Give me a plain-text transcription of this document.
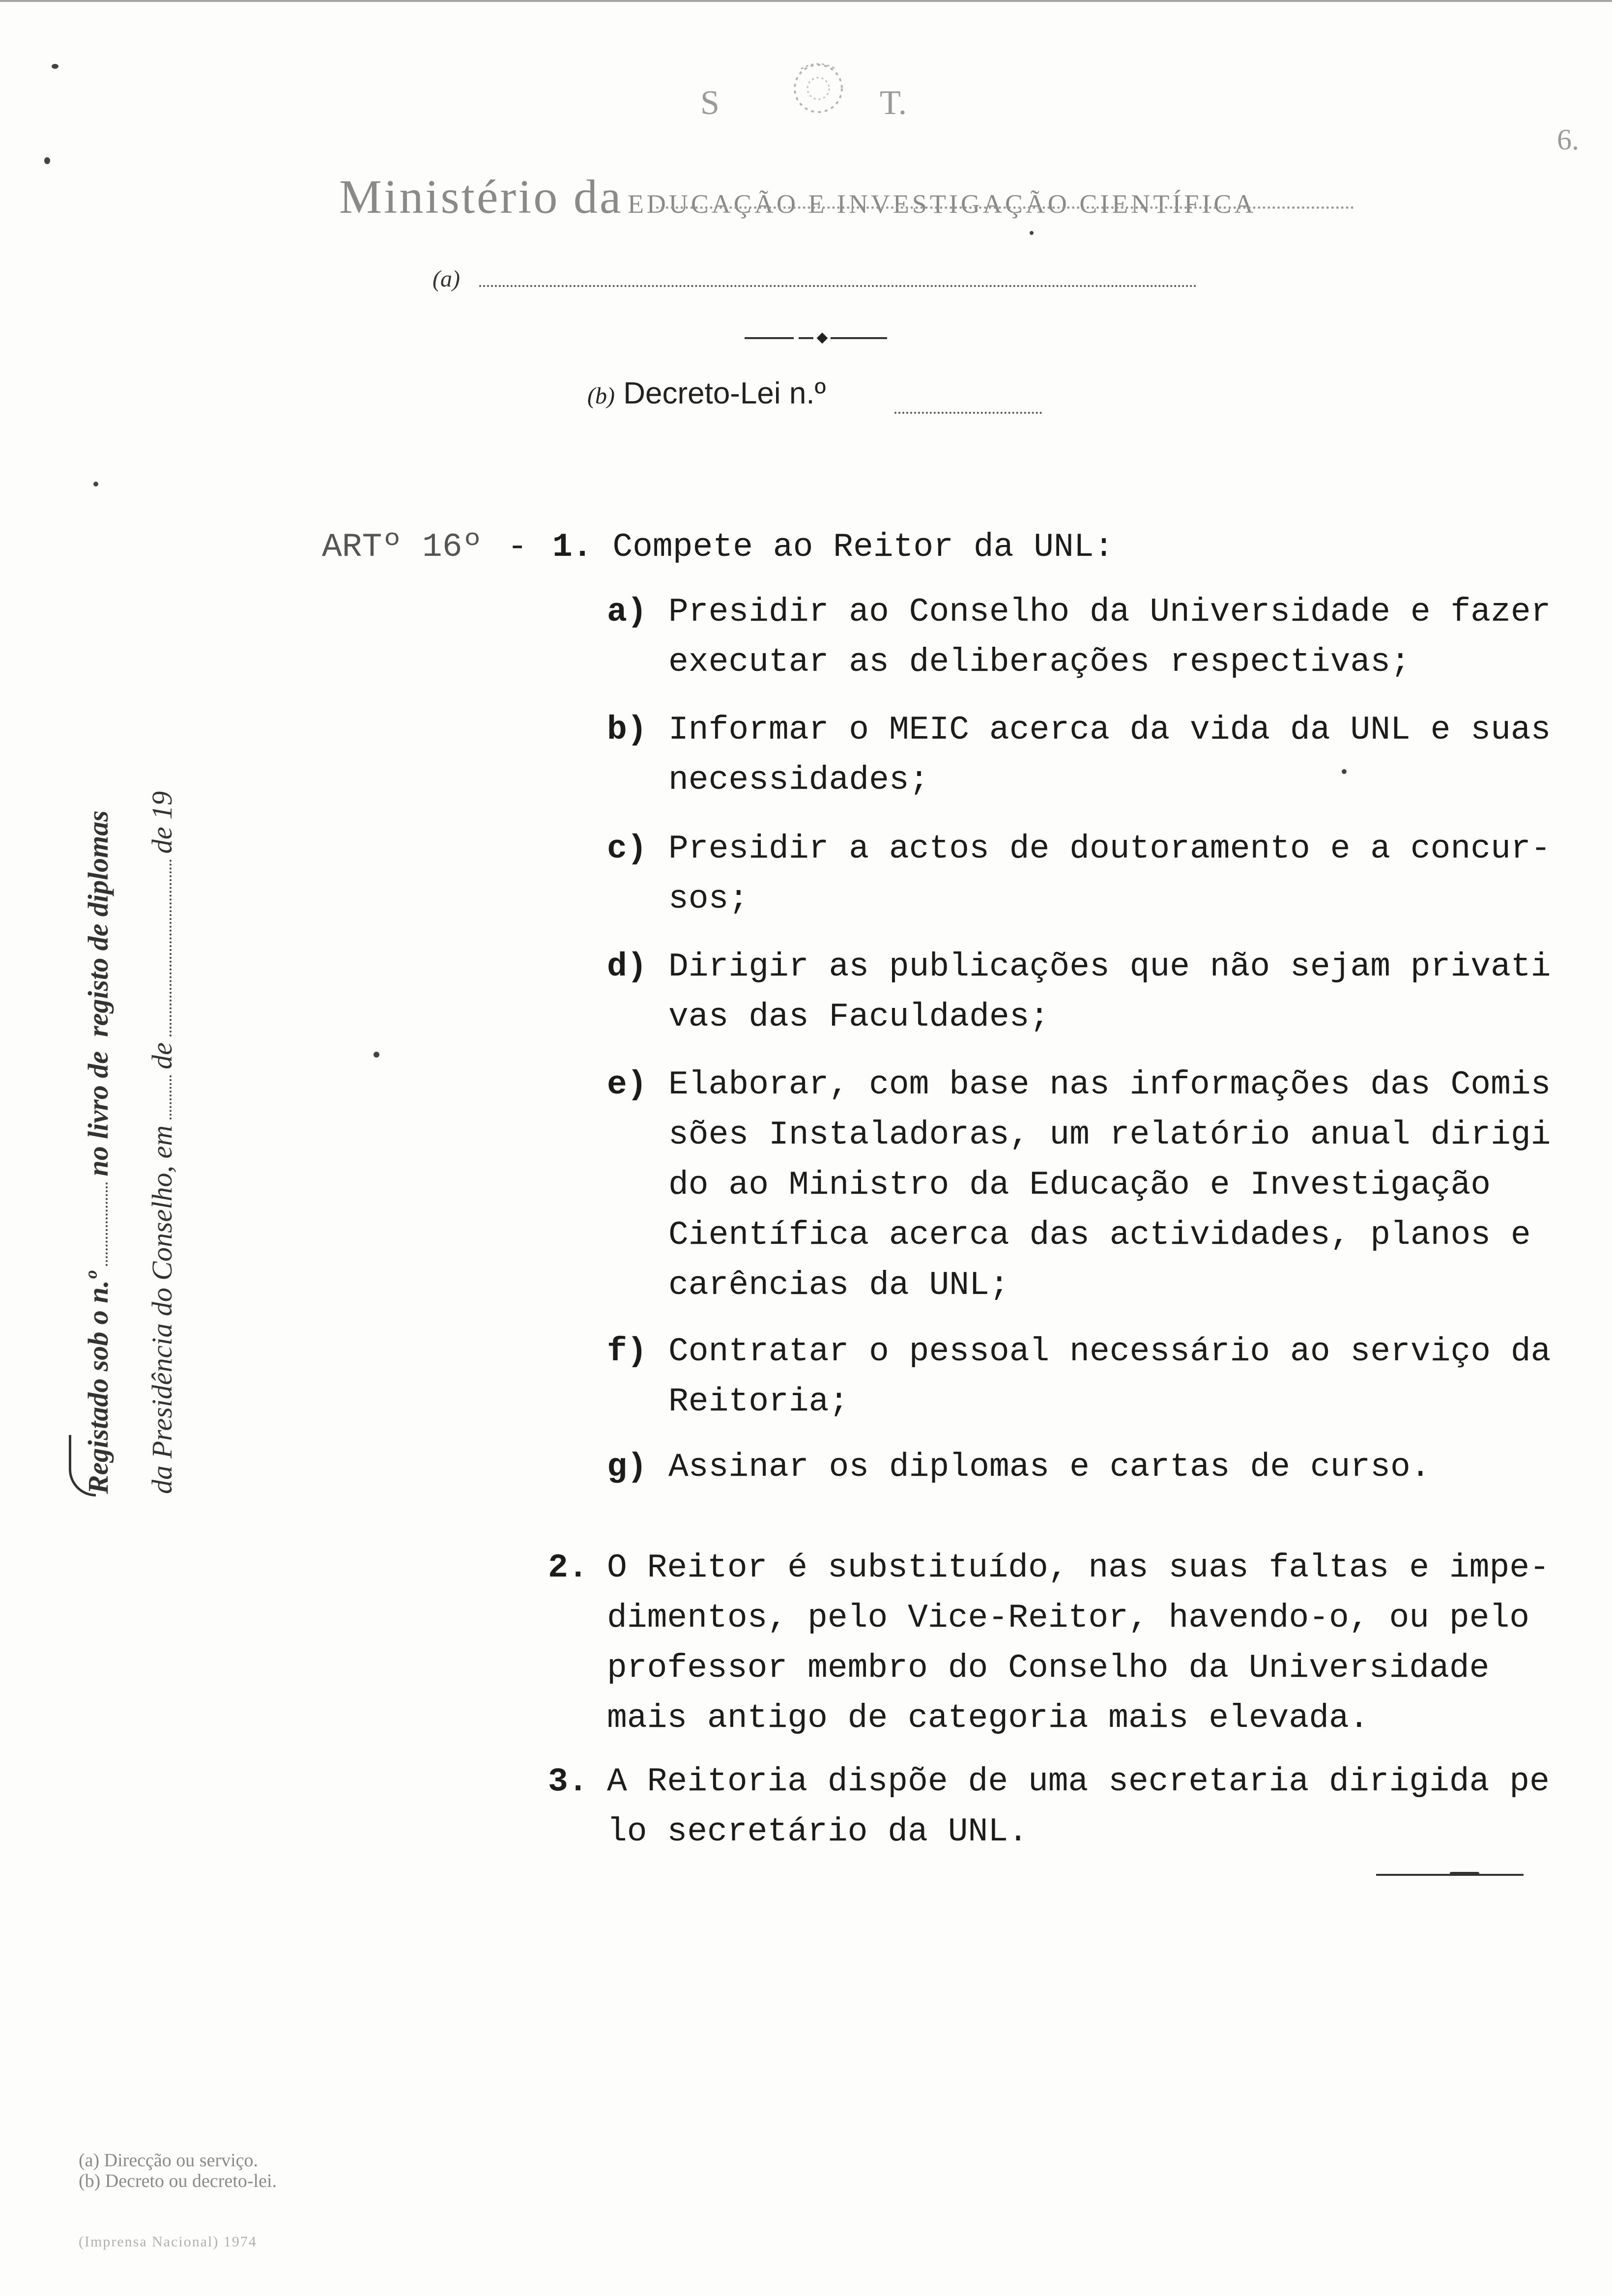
S	T.
6.
Ministério da EDUCAÇÃO E INVESTIGAÇÃO CIENTÍFICA
(a)
(b) Decreto-Lei n.º
ARTº 16º - 1. Compete ao Reitor da UNL:
a) Presidir ao Conselho da Universidade e fazer
executar as deliberações respectivas;
b) Informar o MEIC acerca da vida da UNL e suas
necessidades;
c) Presidir a actos de doutoramento e a concur-
sos;
d) Dirigir as publicações que não sejam privati
vas das Faculdades;
e) Elaborar, com base nas informações das Comis
sões Instaladoras, um relatório anual dirigi
do ao Ministro da Educação e Investigação
Científica acerca das actividades, planos e
carências da UNL;
f) Contratar o pessoal necessário ao serviço da
Reitoria;
g) Assinar os diplomas e cartas de curso.
2. O Reitor é substituído, nas suas faltas e impe-
dimentos, pelo Vice-Reitor, havendo-o, ou pelo
professor membro do Conselho da Universidade
mais antigo de categoria mais elevada.
3. A Reitoria dispõe de uma secretaria dirigida pe
lo secretário da UNL.
Registado sob o n.ºno livro de  registo de diplomas
da Presidência do Conselho, emdede 19
(a) Direcção ou serviço.
(b) Decreto ou decreto-lei.
(Imprensa Nacional) 1974
